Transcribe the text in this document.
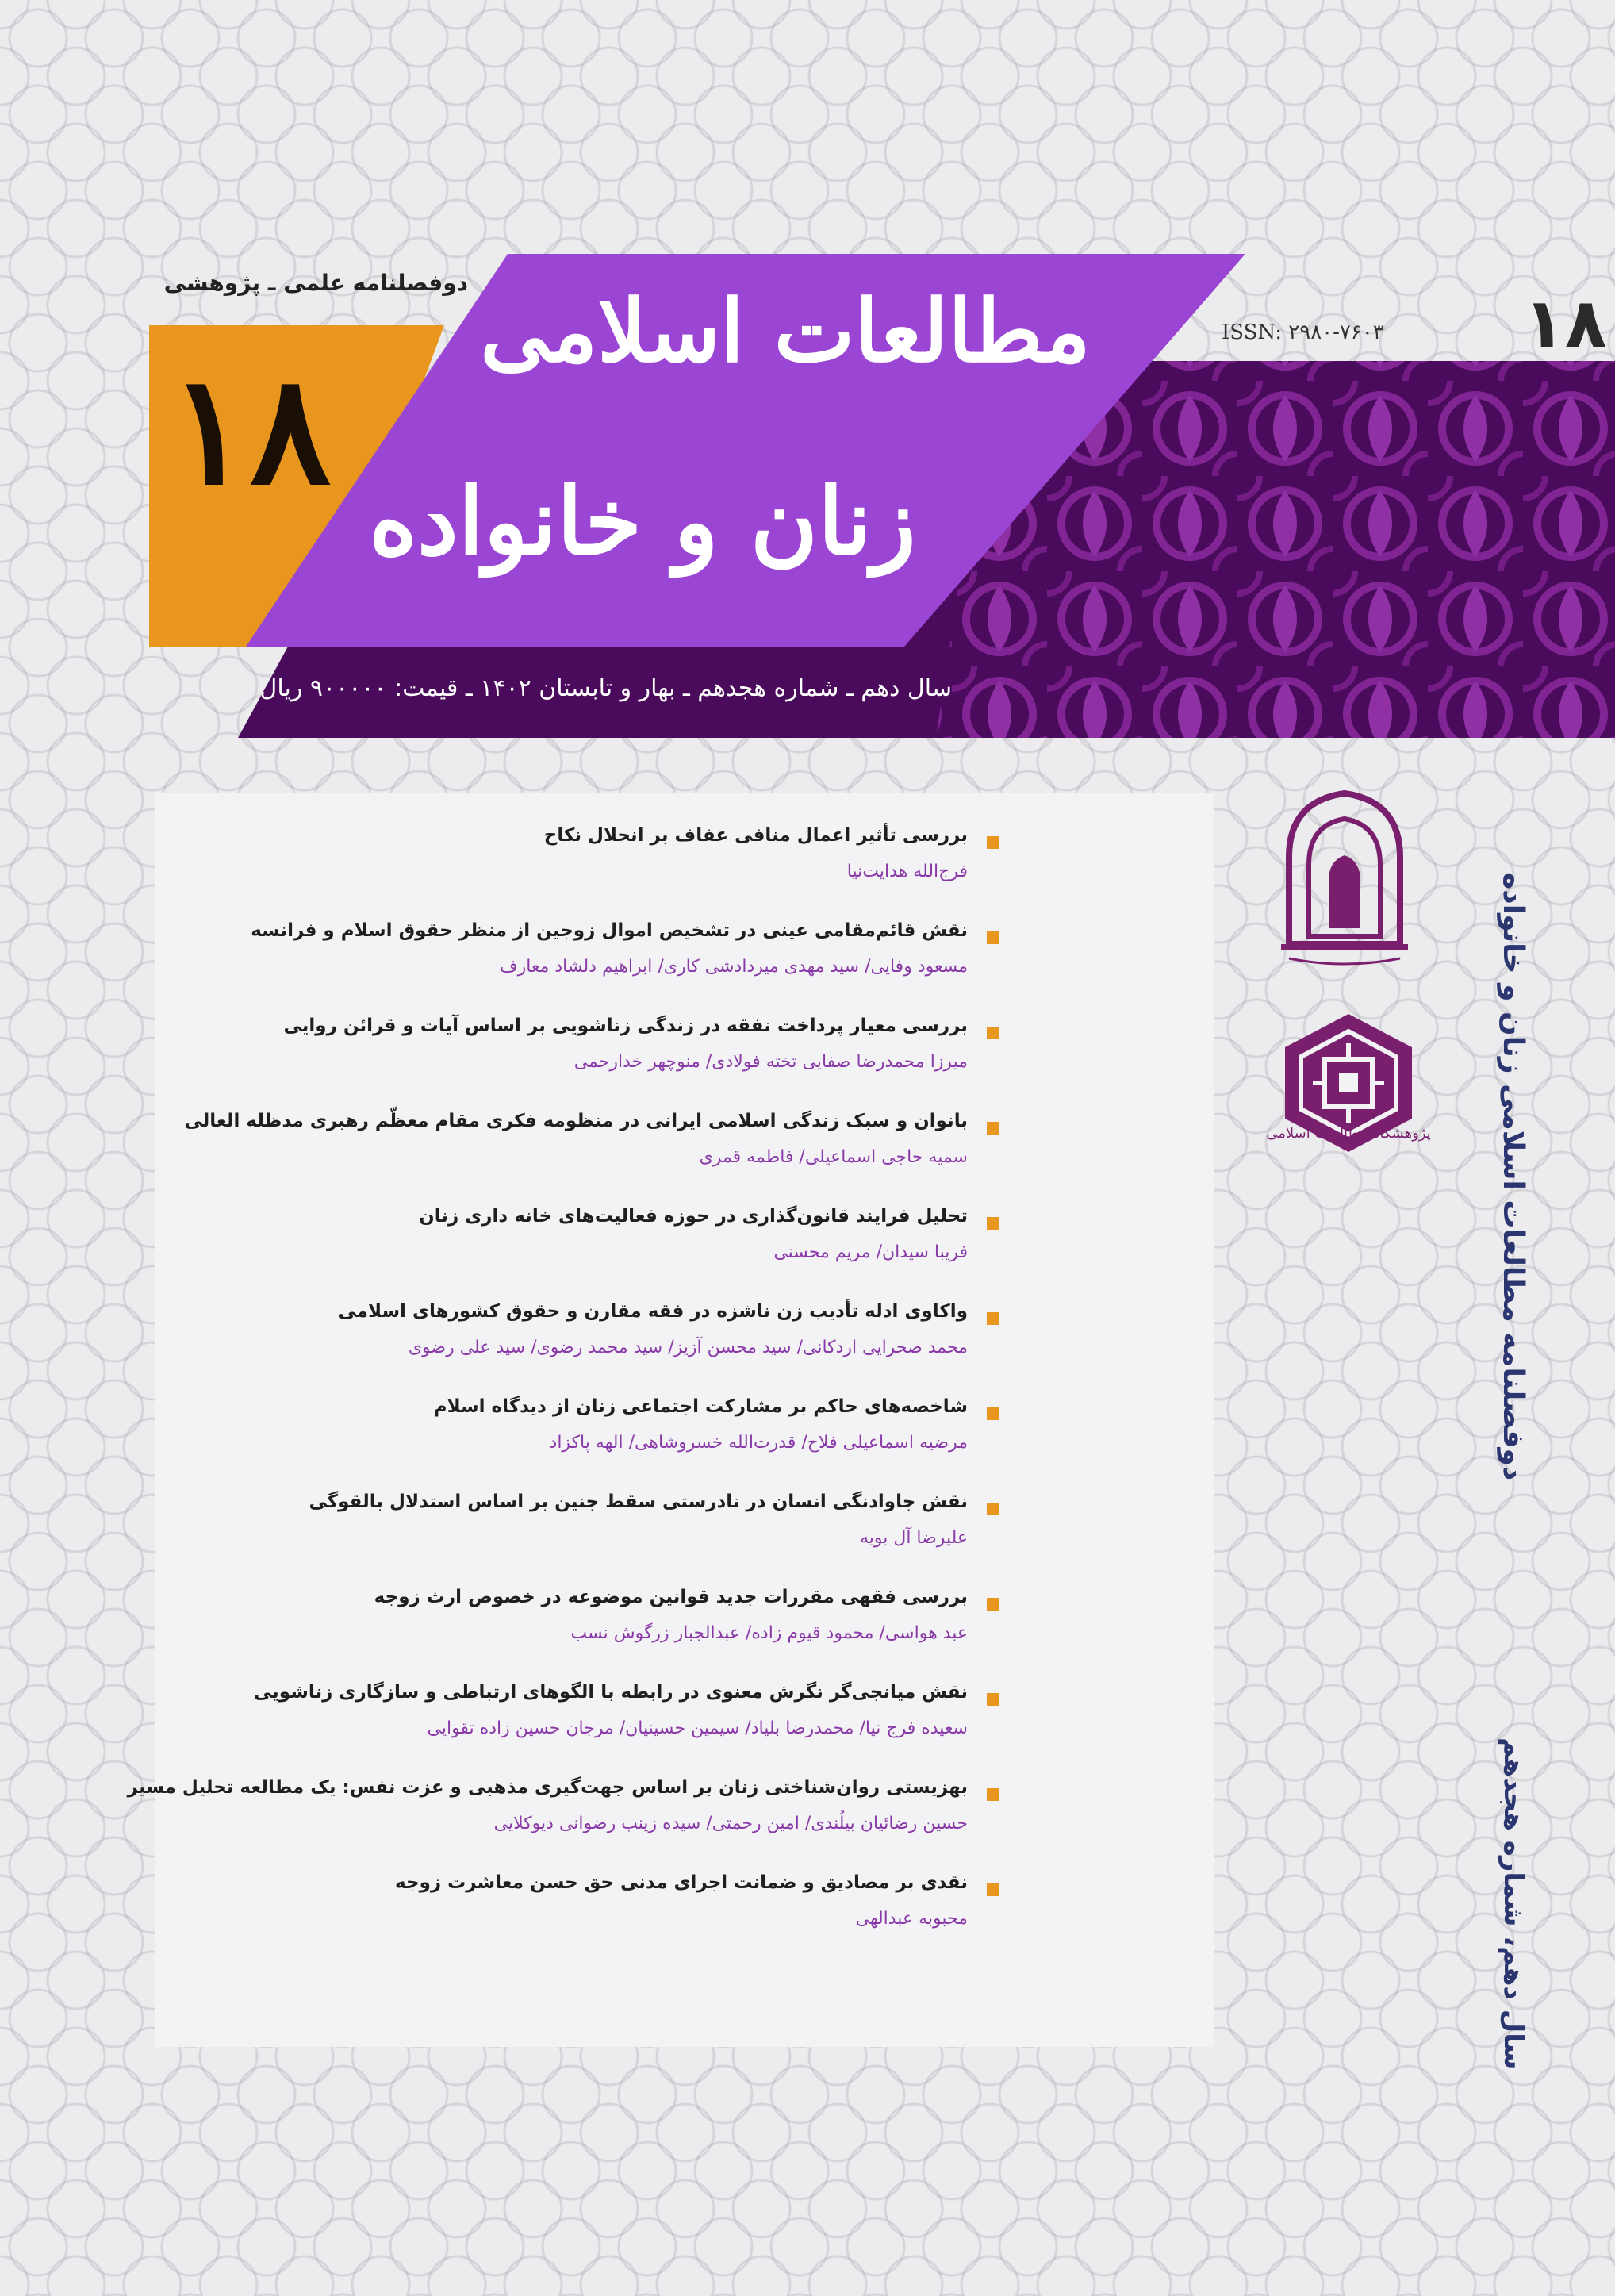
۱۸
ISSN: ۲۹۸۰-۷۶۰۳
دوفصلنامه علمی ـ پژوهشی
۱۸
مطالعات اسلامی
زنان و خانواده
سال دهم ـ شماره هجدهم ـ بهار و تابستان ۱۴۰۲ ـ قیمت: ۹۰۰۰۰۰ ریال
بررسی تأثیر اعمال منافی عفاف بر انحلال نکاح
فرج‌الله هدایت‌نیا
نقش قائم‌مقامی عینی در تشخیص اموال زوجین از منظر حقوق اسلام و فرانسه
مسعود وفایی/ سید مهدی میردادشی کاری/ ابراهیم دلشاد معارف
بررسی معیار پرداخت نفقه در زندگی زناشویی بر اساس آیات و قرائن روایی
میرزا محمدرضا صفایی تخته فولادی/ منوچهر خدارحمی
بانوان و سبک زندگی اسلامی ایرانی در منظومه فکری مقام معظّم رهبری مدظله العالی
سمیه حاجی اسماعیلی/ فاطمه قمری
تحلیل فرایند قانون‌گذاری در حوزه فعالیت‌های خانه داری زنان
فریبا سیدان/ مریم محسنی
واکاوی ادله تأدیب زن ناشزه در فقه مقارن و حقوق کشورهای اسلامی
محمد صحرایی اردکانی/ سید محسن آزیز/ سید محمد رضوی/ سید علی رضوی
شاخصه‌های حاکم بر مشارکت اجتماعی زنان از دیدگاه اسلام
مرضیه اسماعیلی فلاح/ قدرت‌الله خسروشاهی/ الهه پاکزاد
نقش جاوادنگی انسان در نادرستی سقط جنین بر اساس استدلال بالقوگی
علیرضا آل بویه
بررسی فقهی مقررات جدید قوانین موضوعه در خصوص ارث زوجه
عبد هواسی/ محمود قیوم زاده/ عبدالجبار زرگوش نسب
نقش میانجی‌گر نگرش معنوی در رابطه با الگوهای ارتباطی و سازگاری زناشویی
سعیده فرج نیا/ محمدرضا بلیاد/ سیمین حسینیان/ مرجان حسین زاده تقوایی
بهزیستی روان‌شناختی زنان بر اساس جهت‌گیری مذهبی و عزت نفس: یک مطالعه تحلیل مسیر
حسین رضائیان بیلُندی/ امین رحمتی/ سیده زینب رضوانی دیوکلایی
نقدی بر مصادیق و ضمانت اجرای مدنی حق حسن معاشرت زوجه
محبوبه عبدالهی
پژوهشگاه مطالعات اسلامی	دوفصلنامه مطالعات اسلامی زنان و خانواده
سال دهم، شماره هجدهم
